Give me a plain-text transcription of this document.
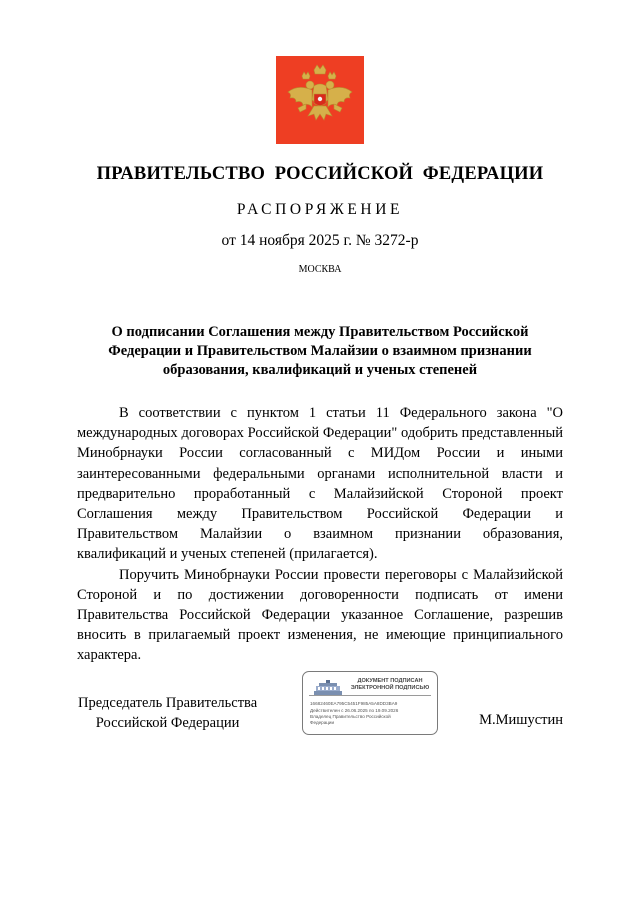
ПРАВИТЕЛЬСТВО  РОССИЙСКОЙ  ФЕДЕРАЦИИ
РАСПОРЯЖЕНИЕ
от 14 ноября 2025 г. № 3272-р
МОСКВА
О подписании Соглашения между Правительством Российской Федерации и Правительством Малайзии о взаимном признании образования, квалификаций и ученых степеней

В соответствии с пунктом 1 статьи 11 Федерального закона "О международных договорах Российской Федерации" одобрить представленный Минобрнауки России согласованный с МИДом России и иными заинтересованными федеральными органами исполнительной власти и предварительно проработанный с Малайзийской Стороной проект Соглашения между Правительством Российской Федерации и Правительством Малайзии о взаимном признании образования, квалификаций и ученых степеней (прилагается).

Поручить Минобрнауки России провести переговоры с Малайзийской Стороной и по достижении договоренности подписать от имени Правительства Российской Федерации указанное Соглашение, разрешив вносить в прилагаемый проект изменения, не имеющие принципиального характера.

Председатель Правительства
Российской Федерации
ДОКУМЕНТ ПОДПИСАН
ЭЛЕКТРОННОЙ ПОДПИСЬЮ
16682460EA795C5451F985A5A8DD3BA9
Действителен с 26.06.2025 по 19.09.2026
Владелец Правительство Российской
Федерации	М.Мишустин
